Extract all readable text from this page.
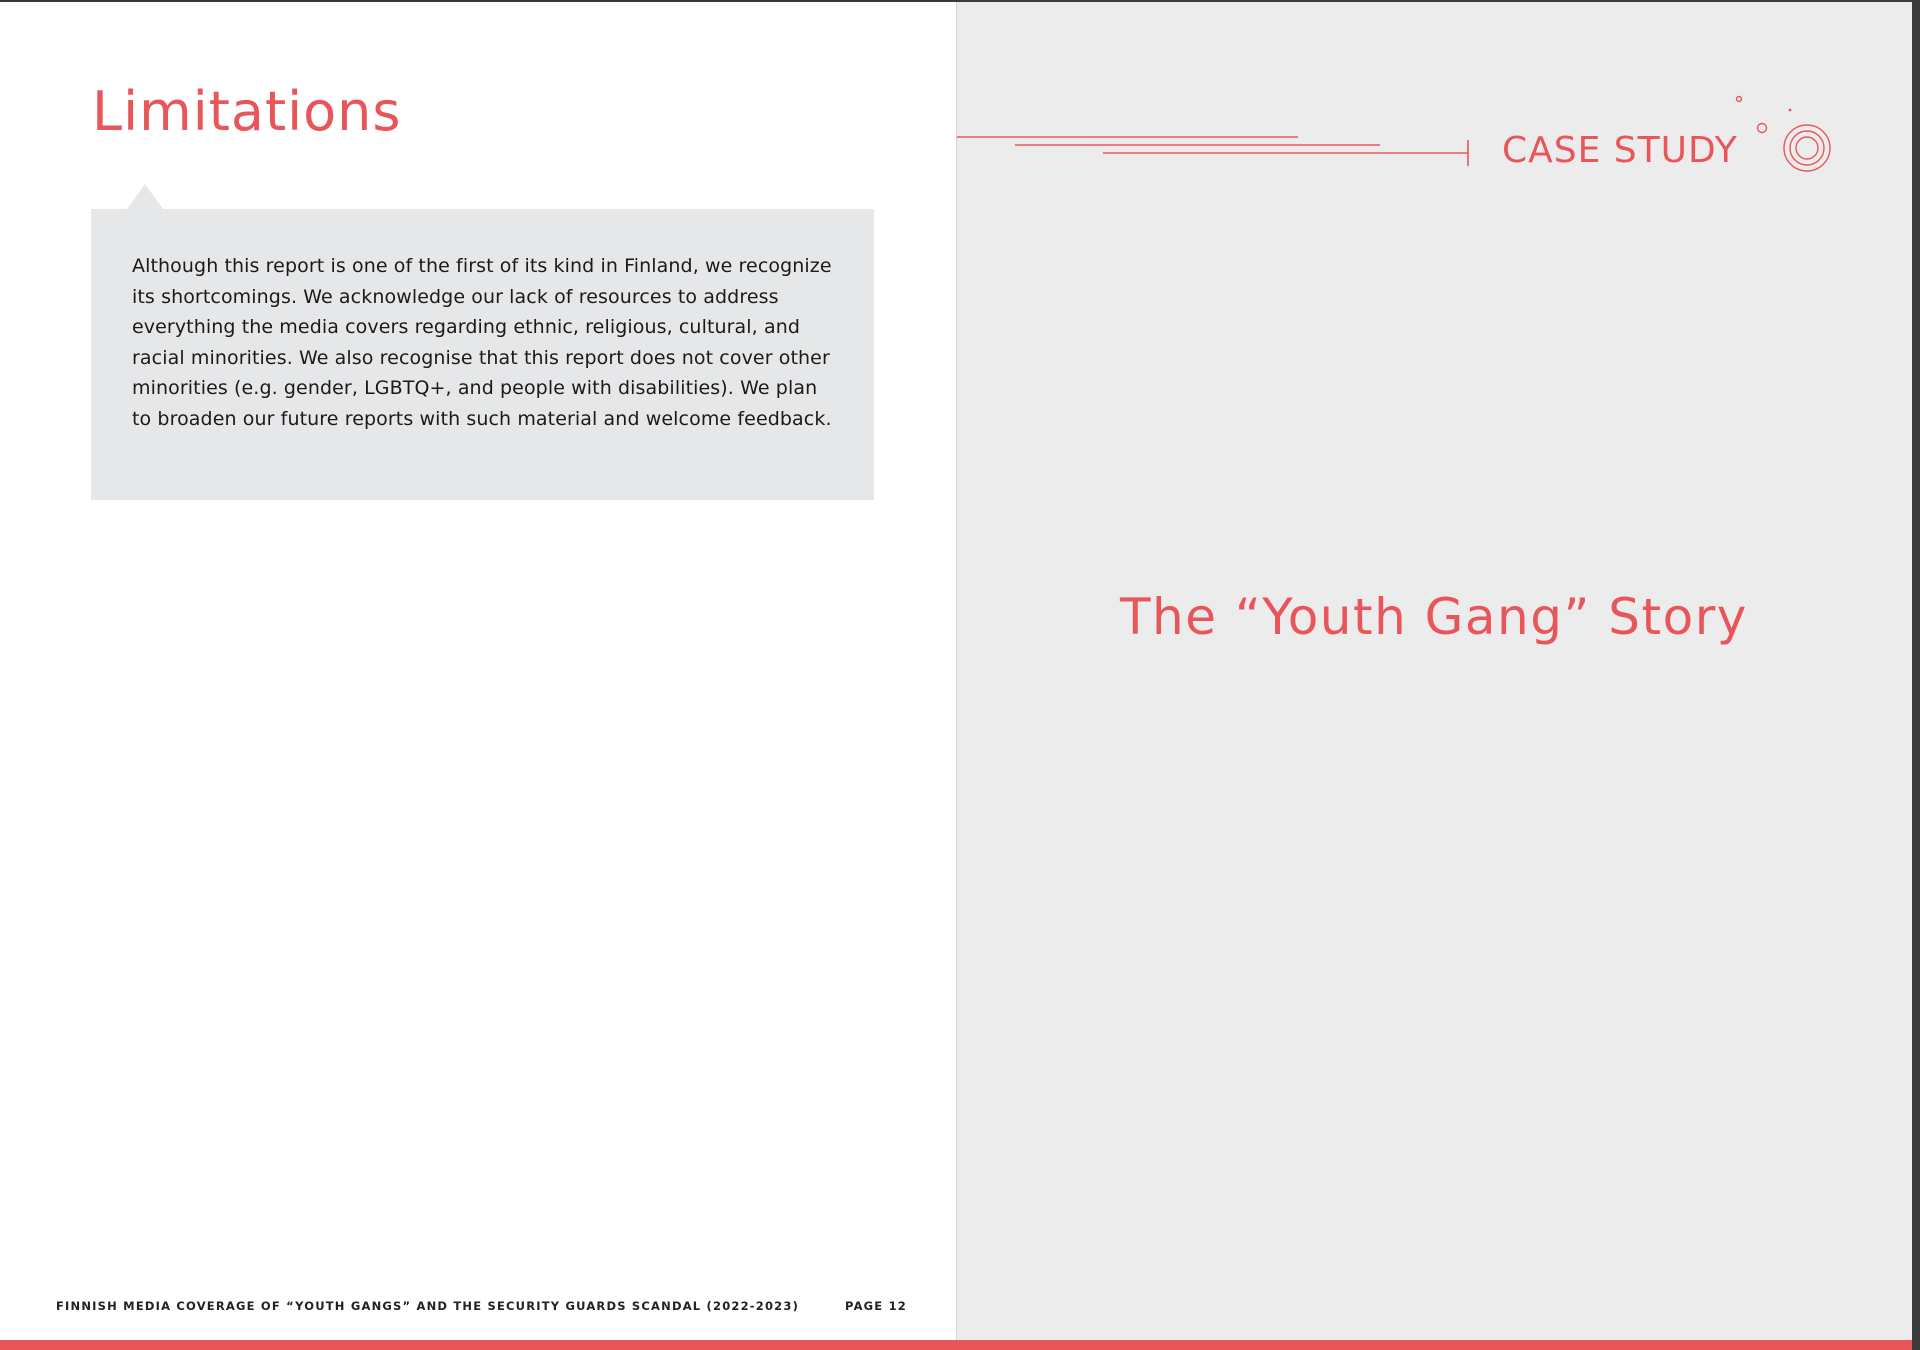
Limitations

Although this report is one of the first of its kind in Finland, we recognize its shortcomings. We acknowledge our lack of resources to address everything the media covers regarding ethnic, religious, cultural, and racial minorities. We also recognise that this report does not cover other minorities (e.g. gender, LGBTQ+, and people with disabilities). We plan to broaden our future reports with such material and welcome feedback.

FINNISH MEDIA COVERAGE OF “YOUTH GANGS” AND THE SECURITY GUARDS SCANDAL (2022-2023)	PAGE 12
CASE STUDY
The “Youth Gang” Story
